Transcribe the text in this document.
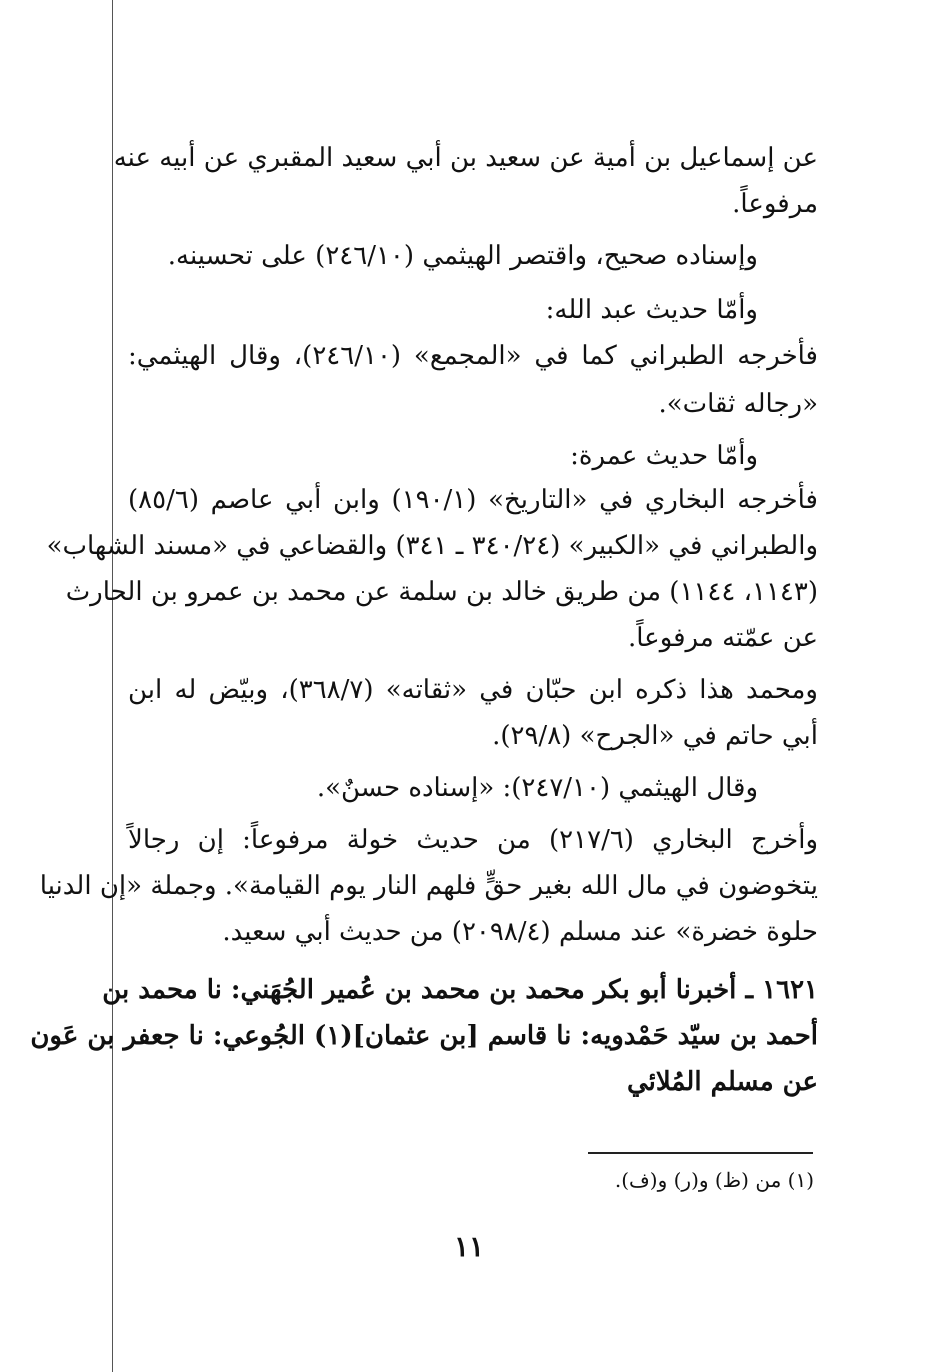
عن إسماعيل بن أمية عن سعيد بن أبي سعيد المقبري عن أبيه عنه
مرفوعاً.
وإسناده صحيح، واقتصر الهيثمي (٢٤٦/١٠) على تحسينه.
وأمّا حديث عبد الله:
فأخرجه الطبراني كما في «المجمع» (٢٤٦/١٠)، وقال الهيثمي:
«رجاله ثقات».
وأمّا حديث عمرة:
فأخرجه البخاري في «التاريخ» (١٩٠/١) وابن أبي عاصم (٨٥/٦)
والطبراني في «الكبير» (٣٤٠/٢٤ ـ ٣٤١) والقضاعي في «مسند الشهاب»
(١١٤٣، ١١٤٤) من طريق خالد بن سلمة عن محمد بن عمرو بن الحارث
عن عمّته مرفوعاً.
ومحمد هذا ذكره ابن حبّان في «ثقاته» (٣٦٨/٧)، وبيّض له ابن
أبي حاتم في «الجرح» (٢٩/٨).
وقال الهيثمي (٢٤٧/١٠): «إسناده حسنٌ».
وأخرج البخاري (٢١٧/٦) من حديث خولة مرفوعاً: إن رجالاً
يتخوضون في مال الله بغير حقٍّ فلهم النار يوم القيامة». وجملة «إن الدنيا
حلوة خضرة» عند مسلم (٢٠٩٨/٤) من حديث أبي سعيد.
١٦٢١ ـ أخبرنا أبو بكر محمد بن محمد بن عُمير الجُهَني: نا محمد بن
أحمد بن سيّد حَمْدويه: نا قاسم [بن عثمان](١) الجُوعي: نا جعفر بن عَون
عن مسلم المُلائي
(١) من (ظ) و(ر) و(ف).
١١
